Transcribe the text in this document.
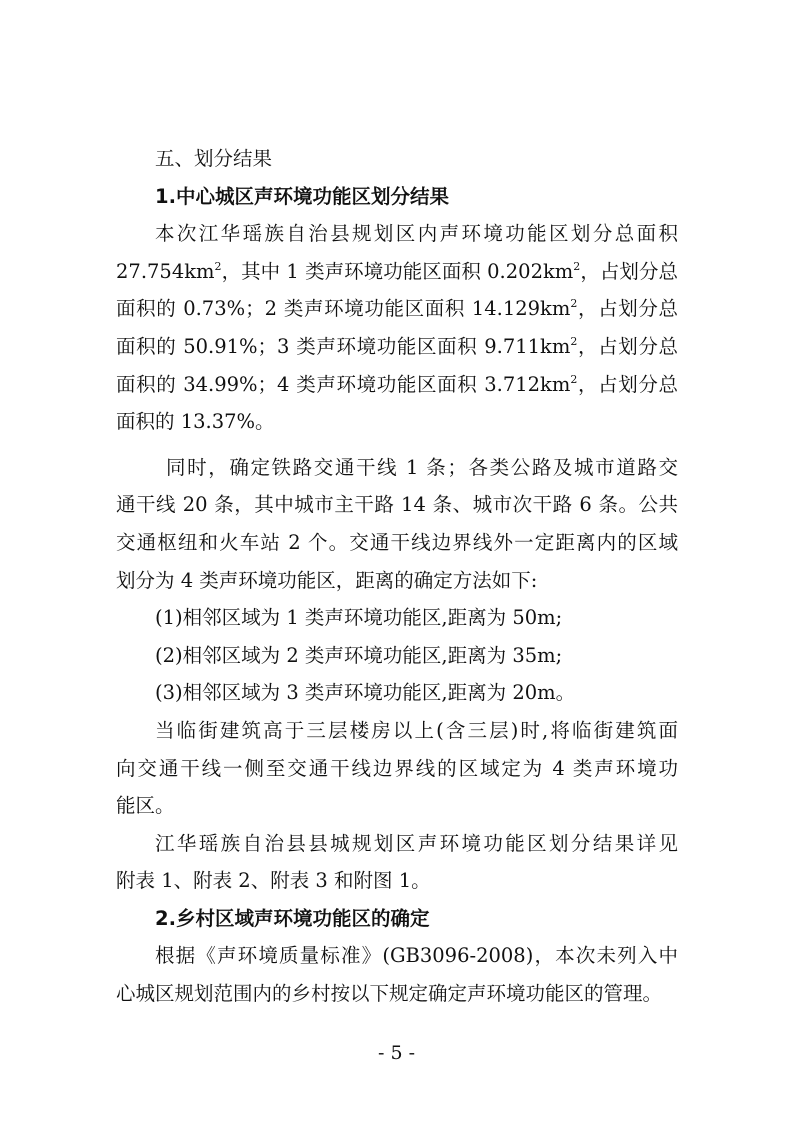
五、划分结果
1.中心城区声环境功能区划分结果
本次江华瑶族自治县规划区内声环境功能区划分总面积
$27.754km^2$，其中 1 类声环境功能区面积 $0.202km^2$，占划分总
面积的 0.73%；2 类声环境功能区面积 $14.129km^2$，占划分总
面积的 50.91%；3 类声环境功能区面积 $9.711km^2$，占划分总
面积的 34.99%；4 类声环境功能区面积 $3.712km^2$，占划分总
面积的 13.37%。
同时，确定铁路交通干线 1 条；各类公路及城市道路交
通干线 20 条，其中城市主干路 14 条、城市次干路 6 条。公共
交通枢纽和火车站 2 个。交通干线边界线外一定距离内的区域
划分为 4 类声环境功能区，距离的确定方法如下:
(1)相邻区域为 1 类声环境功能区,距离为 50m;
(2)相邻区域为 2 类声环境功能区,距离为 35m;
(3)相邻区域为 3 类声环境功能区,距离为 20m。
当临街建筑高于三层楼房以上(含三层)时,将临街建筑面
向交通干线一侧至交通干线边界线的区域定为 4 类声环境功
能区。
江华瑶族自治县县城规划区声环境功能区划分结果详见
附表 1、附表 2、附表 3 和附图 1。
2.乡村区域声环境功能区的确定
根据《声环境质量标准》(GB3096-2008)，本次未列入中
心城区规划范围内的乡村按以下规定确定声环境功能区的管理。
- 5 -
